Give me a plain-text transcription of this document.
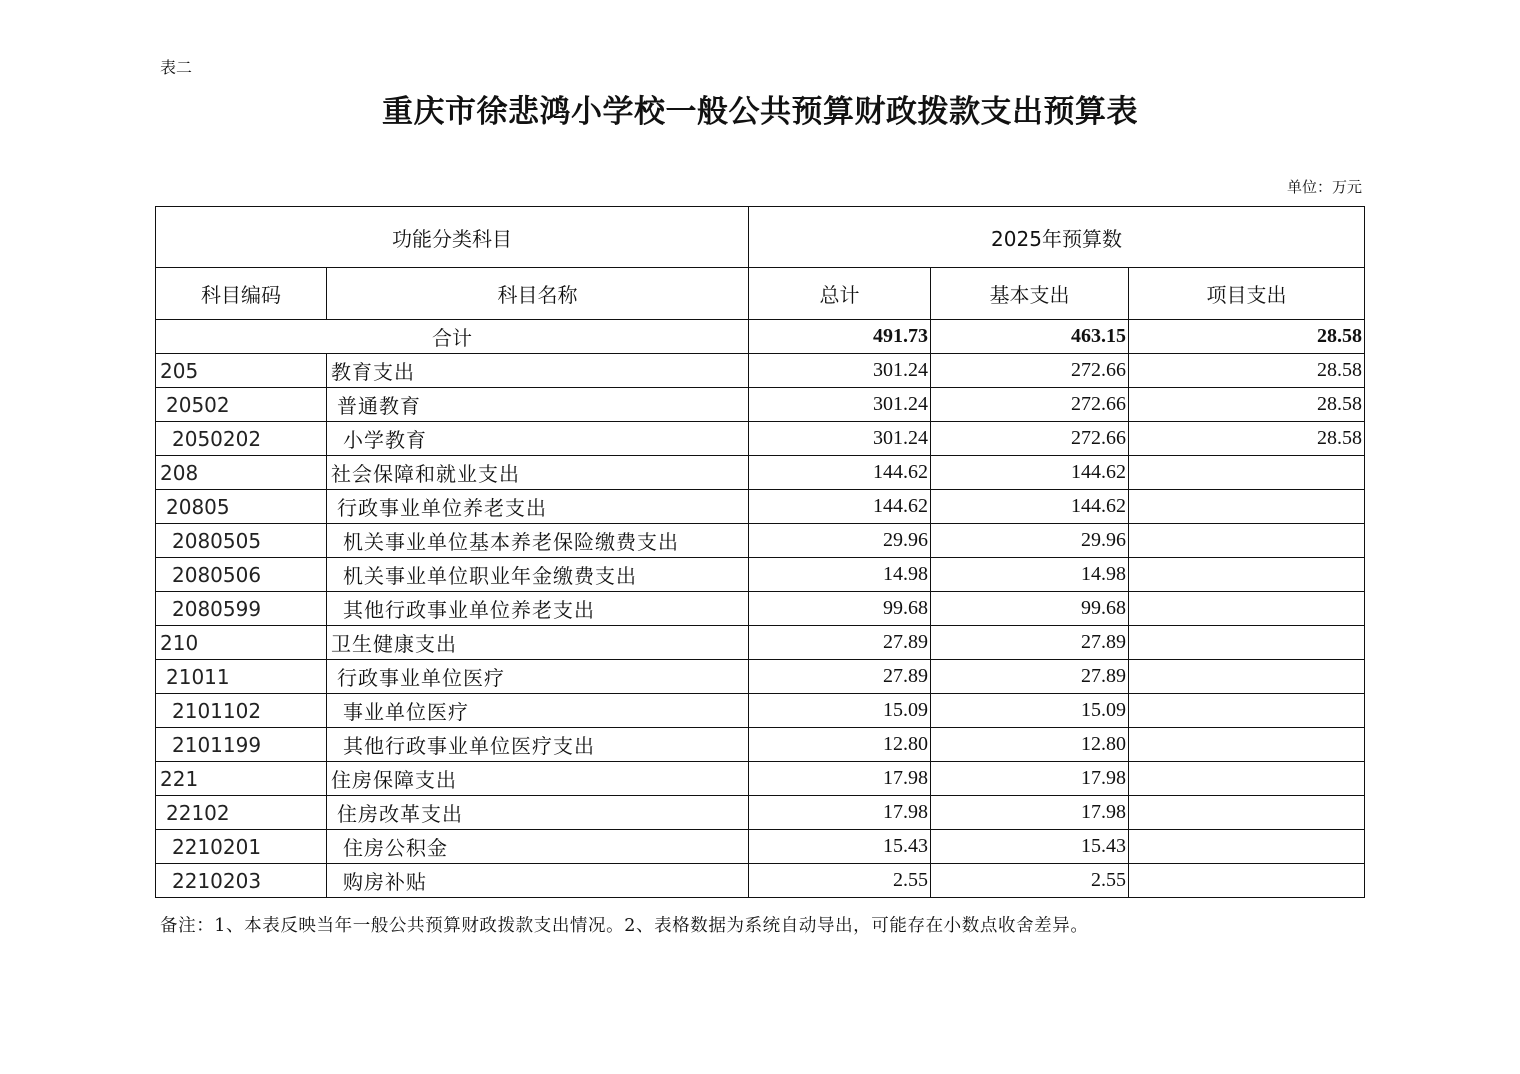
表二
重庆市徐悲鸿小学校一般公共预算财政拨款支出预算表
单位：万元
功能分类科目		2025年预算数		
科目编码	科目名称	总计	基本支出	项目支出
合计		491.73	463.15	28.58
205	教育支出	301.24	272.66	28.58
20502	普通教育	301.24	272.66	28.58
2050202	小学教育	301.24	272.66	28.58
208	社会保障和就业支出	144.62	144.62	
20805	行政事业单位养老支出	144.62	144.62	
2080505	机关事业单位基本养老保险缴费支出	29.96	29.96	
2080506	机关事业单位职业年金缴费支出	14.98	14.98	
2080599	其他行政事业单位养老支出	99.68	99.68	
210	卫生健康支出	27.89	27.89	
21011	行政事业单位医疗	27.89	27.89	
2101102	事业单位医疗	15.09	15.09	
2101199	其他行政事业单位医疗支出	12.80	12.80	
221	住房保障支出	17.98	17.98	
22102	住房改革支出	17.98	17.98	
2210201	住房公积金	15.43	15.43	
2210203	购房补贴	2.55	2.55	
备注：1、本表反映当年一般公共预算财政拨款支出情况。2、表格数据为系统自动导出，可能存在小数点收舍差异。
